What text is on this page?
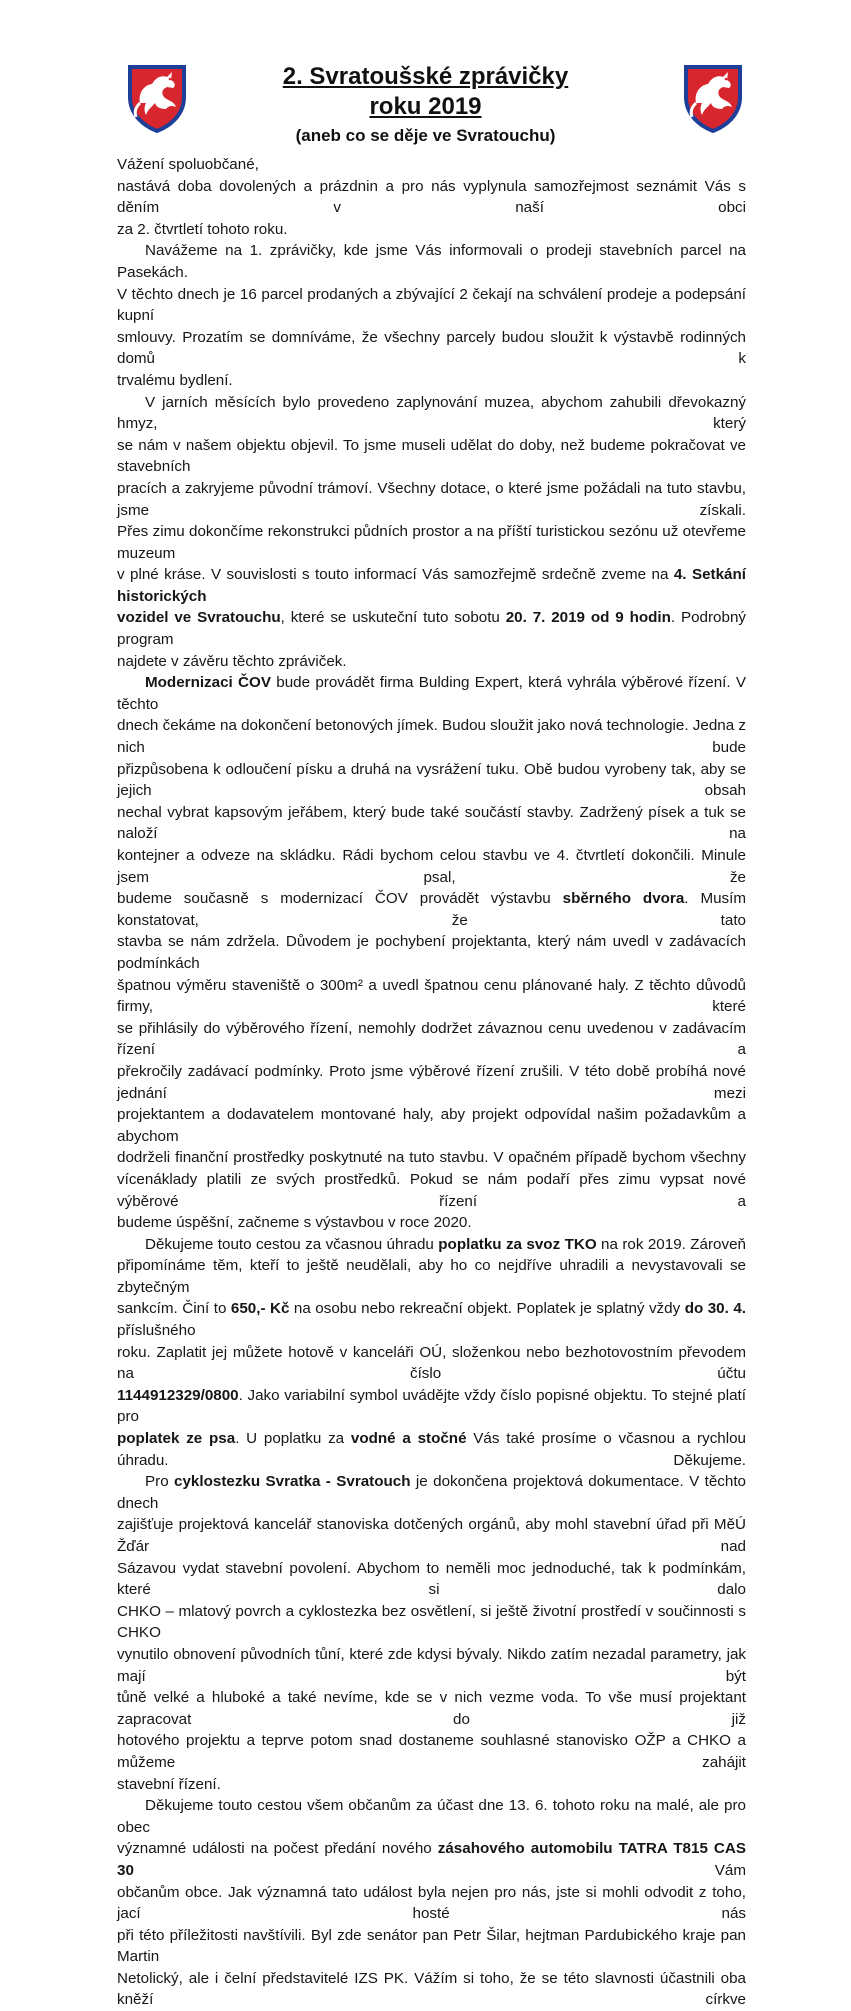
2. Svratoušské zprávičky
roku 2019
(aneb co se děje ve Svratouchu)

Vážení spoluobčané,

nastává doba dovolených a prázdnin a pro nás vyplynula samozřejmost seznámit Vás s děním v naší obci

za 2. čtvrtletí tohoto roku.

Navážeme na 1. zprávičky, kde jsme Vás informovali o prodeji stavebních parcel na Pasekách.

V těchto dnech je 16 parcel prodaných a zbývající 2 čekají na schválení prodeje a podepsání kupní

smlouvy. Prozatím se domníváme, že všechny parcely budou sloužit k výstavbě rodinných domů k

trvalému bydlení.

V jarních měsících bylo provedeno zaplynování muzea, abychom zahubili dřevokazný hmyz, který

se nám v našem objektu objevil. To jsme museli udělat do doby, než budeme pokračovat ve stavebních

pracích a zakryjeme původní trámoví. Všechny dotace, o které jsme požádali na tuto stavbu, jsme získali.

Přes zimu dokončíme rekonstrukci půdních prostor a na příští turistickou sezónu už otevřeme muzeum

v plné kráse. V souvislosti s touto informací Vás samozřejmě srdečně zveme na 4. Setkání historických

vozidel ve Svratouchu, které se uskuteční tuto sobotu 20. 7. 2019 od 9 hodin. Podrobný program

najdete v závěru těchto zpráviček.

Modernizaci ČOV bude provádět firma Bulding Expert, která vyhrála výběrové řízení. V těchto

dnech čekáme na dokončení betonových jímek. Budou sloužit jako nová technologie. Jedna z nich bude

přizpůsobena k odloučení písku a druhá na vysrážení tuku. Obě budou vyrobeny tak, aby se jejich obsah

nechal vybrat kapsovým jeřábem, který bude také součástí stavby. Zadržený písek a tuk se naloží na

kontejner a odveze na skládku. Rádi bychom celou stavbu ve 4. čtvrtletí dokončili. Minule jsem psal, že

budeme současně s modernizací ČOV provádět výstavbu sběrného dvora. Musím konstatovat, že tato

stavba se nám zdržela. Důvodem je pochybení projektanta, který nám uvedl v zadávacích podmínkách

špatnou výměru staveniště o 300m² a uvedl špatnou cenu plánované haly. Z těchto důvodů firmy, které

se přihlásily do výběrového řízení, nemohly dodržet závaznou cenu uvedenou v zadávacím řízení a

překročily zadávací podmínky. Proto jsme výběrové řízení zrušili. V této době probíhá nové jednání mezi

projektantem a dodavatelem montované haly, aby projekt odpovídal našim požadavkům a abychom

dodrželi finanční prostředky poskytnuté na tuto stavbu. V opačném případě bychom všechny

vícenáklady platili ze svých prostředků. Pokud se nám podaří přes zimu vypsat nové výběrové řízení a

budeme úspěšní, začneme s výstavbou v roce 2020.

Děkujeme touto cestou za včasnou úhradu poplatku za svoz TKO na rok 2019. Zároveň

připomínáme těm, kteří to ještě neudělali, aby ho co nejdříve uhradili a nevystavovali se zbytečným

sankcím. Činí to 650,- Kč na osobu nebo rekreační objekt. Poplatek je splatný vždy do 30. 4. příslušného

roku. Zaplatit jej můžete hotově v kanceláři OÚ, složenkou nebo bezhotovostním převodem na číslo účtu

1144912329/0800. Jako variabilní symbol uvádějte vždy číslo popisné objektu. To stejné platí pro

poplatek ze psa. U poplatku za vodné a stočné Vás také prosíme o včasnou a rychlou úhradu. Děkujeme.

Pro cyklostezku Svratka - Svratouch je dokončena projektová dokumentace. V těchto dnech

zajišťuje projektová kancelář stanoviska dotčených orgánů, aby mohl stavební úřad při MěÚ Žďár nad

Sázavou vydat stavební povolení. Abychom to neměli moc jednoduché, tak k podmínkám, které si dalo

CHKO – mlatový povrch a cyklostezka bez osvětlení, si ještě životní prostředí v součinnosti s CHKO

vynutilo obnovení původních tůní, které zde kdysi bývaly. Nikdo zatím nezadal parametry, jak mají být

tůně velké a hluboké a také nevíme, kde se v nich vezme voda. To vše musí projektant zapracovat do již

hotového projektu a teprve potom snad dostaneme souhlasné stanovisko OŽP a CHKO a můžeme zahájit

stavební řízení.

Děkujeme touto cestou všem občanům za účast dne 13. 6. tohoto roku na malé, ale pro obec

významné události na počest předání nového zásahového automobilu TATRA T815 CAS 30 Vám

občanům obce. Jak významná tato událost byla nejen pro nás, jste si mohli odvodit z toho, jací hosté nás

při této příležitosti navštívili. Byl zde senátor pan Petr Šilar, hejtman Pardubického kraje pan Martin

Netolický, ale i čelní představitelé IZS PK. Vážím si toho, že se této slavnosti účastnili oba kněží církve
